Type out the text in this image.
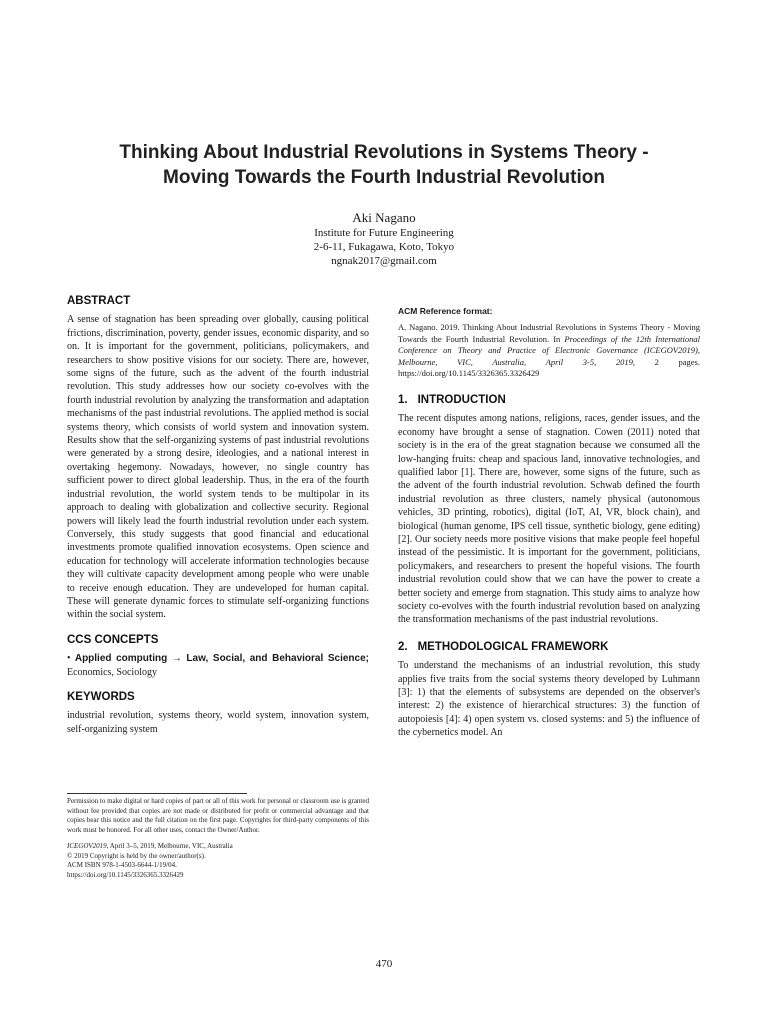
Thinking About Industrial Revolutions in Systems Theory -
Moving Towards the Fourth Industrial Revolution
Aki Nagano
Institute for Future Engineering
2-6-11, Fukagawa, Koto, Tokyo
ngnak2017@gmail.com
ABSTRACT

A sense of stagnation has been spreading over globally, causing political frictions, discrimination, poverty, gender issues, economic disparity, and so on. It is important for the government, politicians, policymakers, and researchers to show positive visions for our society. There are, however, some signs of the future, such as the advent of the fourth industrial revolution. This study addresses how our society co-evolves with the fourth industrial revolution by analyzing the transformation and adaptation mechanisms of the past industrial revolutions. The applied method is social systems theory, which consists of world system and innovation system. Results show that the self-organizing systems of past industrial revolutions were generated by a strong desire, ideologies, and a national interest in overtaking hegemony. Nowadays, however, no single country has sufficient power to direct global leadership. Thus, in the era of the fourth industrial revolution, the world system tends to be multipolar in its approach to dealing with globalization and collective security. Regional powers will likely lead the fourth industrial revolution under each system. Conversely, this study suggests that good financial and educational investments promote qualified innovation ecosystems. Open science and education for technology will accelerate information technologies because they will cultivate capacity development among people who were unable to receive enough education. They are undeveloped for human capital. These will generate dynamic forces to stimulate self-organizing functions within the social system.

CCS CONCEPTS

• Applied computing → Law, Social, and Behavioral Science; Economics, Sociology

KEYWORDS

industrial revolution, systems theory, world system, innovation system, self-organizing system

Permission to make digital or hard copies of part or all of this work for personal or classroom use is granted without fee provided that copies are not made or distributed for profit or commercial advantage and that copies bear this notice and the full citation on the first page. Copyrights for third-party components of this work must be honored. For all other uses, contact the Owner/Author.

ICEGOV2019, April 3–5, 2019, Melbourne, VIC, Australia
© 2019 Copyright is held by the owner/author(s).
ACM ISBN 978-1-4503-6644-1/19/04.
https://doi.org/10.1145/3326365.3326429
ACM Reference format:
A. Nagano. 2019. Thinking About Industrial Revolutions in Systems Theory - Moving Towards the Fourth Industrial Revolution. In Proceedings of the 12th International Conference on Theory and Practice of Electronic Governance (ICEGOV2019), Melbourne, VIC, Australia, April 3-5, 2019, 2 pages. https://doi.org/10.1145/3326365.3326429
1. INTRODUCTION

The recent disputes among nations, religions, races, gender issues, and the economy have brought a sense of stagnation. Cowen (2011) noted that society is in the era of the great stagnation because we consumed all the low-hanging fruits: cheap and spacious land, innovative technologies, and qualified labor [1]. There are, however, some signs of the future, such as the advent of the fourth industrial revolution. Schwab defined the fourth industrial revolution as three clusters, namely physical (autonomous vehicles, 3D printing, robotics), digital (IoT, AI, VR, block chain), and biological (human genome, IPS cell tissue, synthetic biology, gene editing) [2]. Our society needs more positive visions that make people feel hopeful instead of the pessimistic. It is important for the government, politicians, policymakers, and researchers to present the hopeful visions. The fourth industrial revolution could show that we can have the power to create a better society and emerge from stagnation. This study aims to analyze how society co-evolves with the fourth industrial revolution based on analyzing the transformation mechanisms of the past industrial revolutions.

2. METHODOLOGICAL FRAMEWORK

To understand the mechanisms of an industrial revolution, this study applies five traits from the social systems theory developed by Luhmann [3]: 1) that the elements of subsystems are depended on the observer's interest: 2) the existence of hierarchical structures: 3) the function of autopoiesis [4]: 4) open system vs. closed systems: and 5) the influence of the cybernetics model. An

470
